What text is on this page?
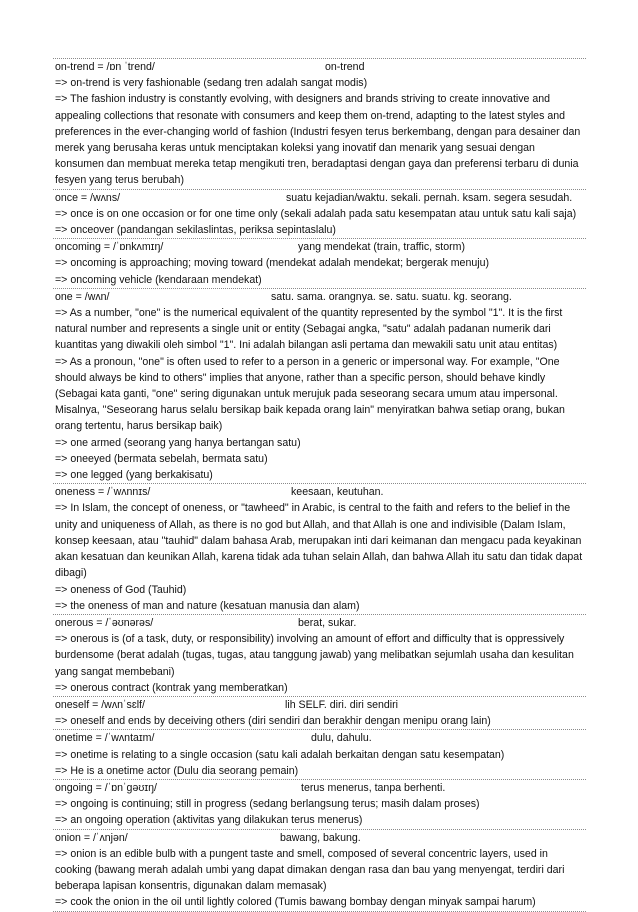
on-trend = /ɒn ˈtrend/	on-trend
=> on-trend is very fashionable (sedang tren adalah sangat modis)
=> The fashion industry is constantly evolving, with designers and brands striving to create innovative and appealing collections that resonate with consumers and keep them on-trend, adapting to the latest styles and preferences in the ever-changing world of fashion (Industri fesyen terus berkembang, dengan para desainer dan merek yang berusaha keras untuk menciptakan koleksi yang inovatif dan menarik yang sesuai dengan konsumen dan membuat mereka tetap mengikuti tren, beradaptasi dengan gaya dan preferensi terbaru di dunia fesyen yang terus berubah)
once = /wʌns/	suatu kejadian/waktu. sekali. pernah. ksam. segera sesudah.
=> once is on one occasion or for one time only (sekali adalah pada satu kesempatan atau untuk satu kali saja)
=> onceover (pandangan sekilaslintas, periksa sepintaslalu)
oncoming = /ˈɒnkʌmɪŋ/	yang mendekat (train, traffic, storm)
=> oncoming is approaching; moving toward (mendekat adalah mendekat; bergerak menuju)
=> oncoming vehicle (kendaraan mendekat)
one = /wʌn/	satu. sama. orangnya. se. satu. suatu. kg. seorang.
=> As a number, "one" is the numerical equivalent of the quantity represented by the symbol "1". It is the first natural number and represents a single unit or entity (Sebagai angka, "satu" adalah padanan numerik dari kuantitas yang diwakili oleh simbol "1". Ini adalah bilangan asli pertama dan mewakili satu unit atau entitas)
=> As a pronoun, "one" is often used to refer to a person in a generic or impersonal way. For example, "One should always be kind to others" implies that anyone, rather than a specific person, should behave kindly (Sebagai kata ganti, "one" sering digunakan untuk merujuk pada seseorang secara umum atau impersonal. Misalnya, "Seseorang harus selalu bersikap baik kepada orang lain" menyiratkan bahwa setiap orang, bukan orang tertentu, harus bersikap baik)
=> one armed (seorang yang hanya bertangan satu)
=> oneeyed (bermata sebelah, bermata satu)
=> one legged (yang berkakisatu)
oneness = /ˈwʌnnɪs/	keesaan, keutuhan.
=> In Islam, the concept of oneness, or "tawheed" in Arabic, is central to the faith and refers to the belief in the unity and uniqueness of Allah, as there is no god but Allah, and that Allah is one and indivisible (Dalam Islam, konsep keesaan, atau "tauhid" dalam bahasa Arab, merupakan inti dari keimanan dan mengacu pada keyakinan akan kesatuan dan keunikan Allah, karena tidak ada tuhan selain Allah, dan bahwa Allah itu satu dan tidak dapat dibagi)
=> oneness of God (Tauhid)
=> the oneness of man and nature (kesatuan manusia dan alam)
onerous = /ˈəʊnərəs/	berat, sukar.
=> onerous is (of a task, duty, or responsibility) involving an amount of effort and difficulty that is oppressively burdensome (berat adalah (tugas, tugas, atau tanggung jawab) yang melibatkan sejumlah usaha dan kesulitan yang sangat membebani)
=> onerous contract (kontrak yang memberatkan)
oneself = /wʌnˈsɛlf/	lih SELF. diri. diri sendiri
=> oneself and ends by deceiving others (diri sendiri dan berakhir dengan menipu orang lain)
onetime = /ˈwʌntaɪm/	dulu, dahulu.
=> onetime is relating to a single occasion (satu kali adalah berkaitan dengan satu kesempatan)
=> He is a onetime actor (Dulu dia seorang pemain)
ongoing = /ˈɒnˈɡəʊɪŋ/	terus menerus, tanpa berhenti.
=> ongoing is continuing; still in progress (sedang berlangsung terus; masih dalam proses)
=> an ongoing operation (aktivitas yang dilakukan terus menerus)
onion = /ˈʌnjən/	bawang, bakung.
=> onion is an edible bulb with a pungent taste and smell, composed of several concentric layers, used in cooking (bawang merah adalah umbi yang dapat dimakan dengan rasa dan bau yang menyengat, terdiri dari beberapa lapisan konsentris, digunakan dalam memasak)
=> cook the onion in the oil until lightly colored (Tumis bawang bombay dengan minyak sampai harum)
